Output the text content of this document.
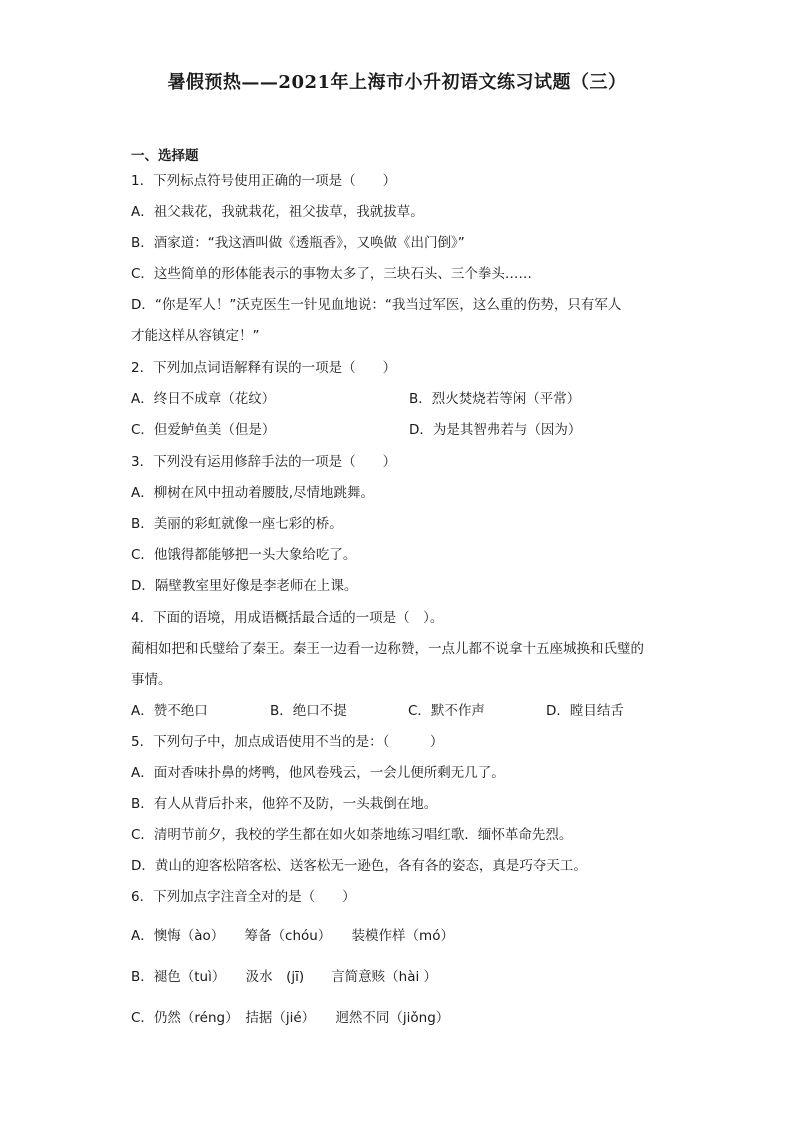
暑假预热——2021年上海市小升初语文练习试题（三）
一、选择题
1．下列标点符号使用正确的一项是（　　）
A．祖父栽花，我就栽花，祖父拔草，我就拔草。
B．酒家道：“我这酒叫做《透瓶香》，又唤做《出门倒》”
C．这些简单的形体能表示的事物太多了，三块石头、三个拳头……
D．“你是军人！”沃克医生一针见血地说：“我当过军医，这么重的伤势，只有军人
才能这样从容镇定！”
2．下列加点词语解释有误的一项是（　　）
A．终日不成章（花纹）	B．烈火焚烧若等闲（平常）
C．但爱鲈鱼美（但是）	D．为是其智弗若与（因为）
3．下列没有运用修辞手法的一项是（　　）
A．柳树在风中扭动着腰肢,尽情地跳舞。
B．美丽的彩虹就像一座七彩的桥。
C．他饿得都能够把一头大象给吃了。
D．隔壁教室里好像是李老师在上课。
4．下面的语境，用成语概括最合适的一项是（　）。
蔺相如把和氏璧给了秦王。秦王一边看一边称赞，一点儿都不说拿十五座城换和氏璧的
事情。
A．赞不绝口	B．绝口不提	C．默不作声	D．瞠目结舌
5．下列句子中，加点成语使用不当的是：（　　　）
A．面对香味扑鼻的烤鸭，他风卷残云，一会儿便所剩无几了。
B．有人从背后扑来，他猝不及防，一头栽倒在地。
C．清明节前夕，我校的学生都在如火如荼地练习唱红歌．缅怀革命先烈。
D．黄山的迎客松陪客松、送客松无一逊色，各有各的姿态，真是巧夺天工。
6．下列加点字注音全对的是（　　）
A．懊悔（ào）　　筹备（chóu）　　装模作样（mó）
B．褪色（tuì）　　汲水　(jī)　　言简意赅（hài ）
C．仍然（réng）　拮据（jié）　　迥然不同（jiǒng）
